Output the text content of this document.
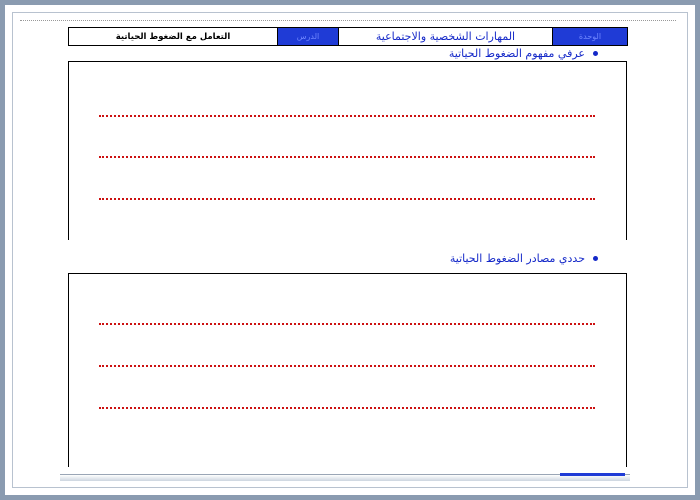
التعامل مع الضغوط الحياتية	الدرس	المهارات الشخصية والاجتماعية	الوحدة
عرفي مفهوم الضغوط الحياتية
حددي مصادر الضغوط الحياتية
